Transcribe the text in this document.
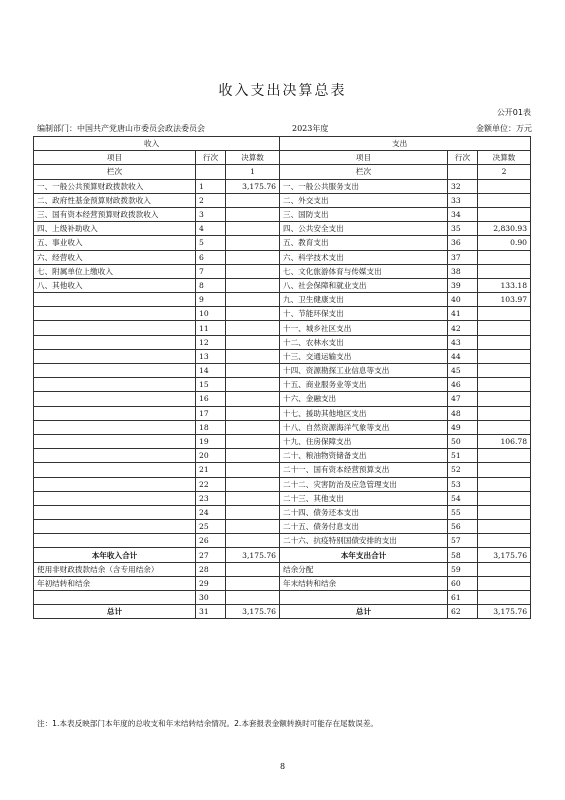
收入支出决算总表
公开01表
编制部门：中国共产党唐山市委员会政法委员会	2023年度	金额单位：万元
收入			支出		
项目	行次	决算数	项目	行次	决算数
栏次		1	栏次		2
一、一般公共预算财政拨款收入	1	3,175.76	一、一般公共服务支出	32	
二、政府性基金预算财政拨款收入	2		二、外交支出	33	
三、国有资本经营预算财政拨款收入	3		三、国防支出	34	
四、上级补助收入	4		四、公共安全支出	35	2,830.93
五、事业收入	5		五、教育支出	36	0.90
六、经营收入	6		六、科学技术支出	37	
七、附属单位上缴收入	7		七、文化旅游体育与传媒支出	38	
八、其他收入	8		八、社会保障和就业支出	39	133.18
	9		九、卫生健康支出	40	103.97
	10		十、节能环保支出	41	
	11		十一、城乡社区支出	42	
	12		十二、农林水支出	43	
	13		十三、交通运输支出	44	
	14		十四、资源勘探工业信息等支出	45	
	15		十五、商业服务业等支出	46	
	16		十六、金融支出	47	
	17		十七、援助其他地区支出	48	
	18		十八、自然资源海洋气象等支出	49	
	19		十九、住房保障支出	50	106.78
	20		二十、粮油物资储备支出	51	
	21		二十一、国有资本经营预算支出	52	
	22		二十二、灾害防治及应急管理支出	53	
	23		二十三、其他支出	54	
	24		二十四、债务还本支出	55	
	25		二十五、债务付息支出	56	
	26		二十六、抗疫特别国债安排的支出	57	
本年收入合计	27	3,175.76	本年支出合计	58	3,175.76
使用非财政拨款结余（含专用结余）	28		结余分配	59	
年初结转和结余	29		年末结转和结余	60	
	30			61	
总计	31	3,175.76	总计	62	3,175.76
注：1.本表反映部门本年度的总收支和年末结转结余情况。2.本套报表金额转换时可能存在尾数误差。
8
